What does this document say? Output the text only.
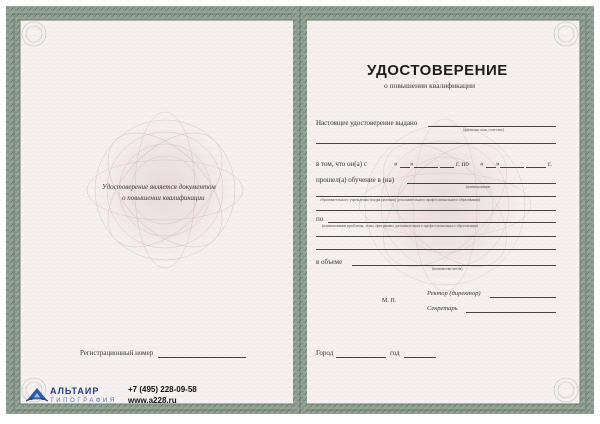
Удостоверение является документом
о повышении квалификации
Регистрационный номер
УДОСТОВЕРЕНИЕ
о повышении квалификации
Настоящее удостоверение выдано
(фамилия, имя, отчество)
в том, что он(а) с	« »	г. по « »	г.
прошел(а) обучение в (на)
(наименование
образовательного учреждения (подразделения) дополнительного профессионального образования)
по
(наименование проблемы, темы, программы дополнительного профессионального образования)
в объеме
(количество часов)
Ректор (директор)
М. П.
Секретарь
Город	год
АЛЬТАИР
ТИПОГРАФИЯ
+7 (495) 228-09-58
www.a228.ru
